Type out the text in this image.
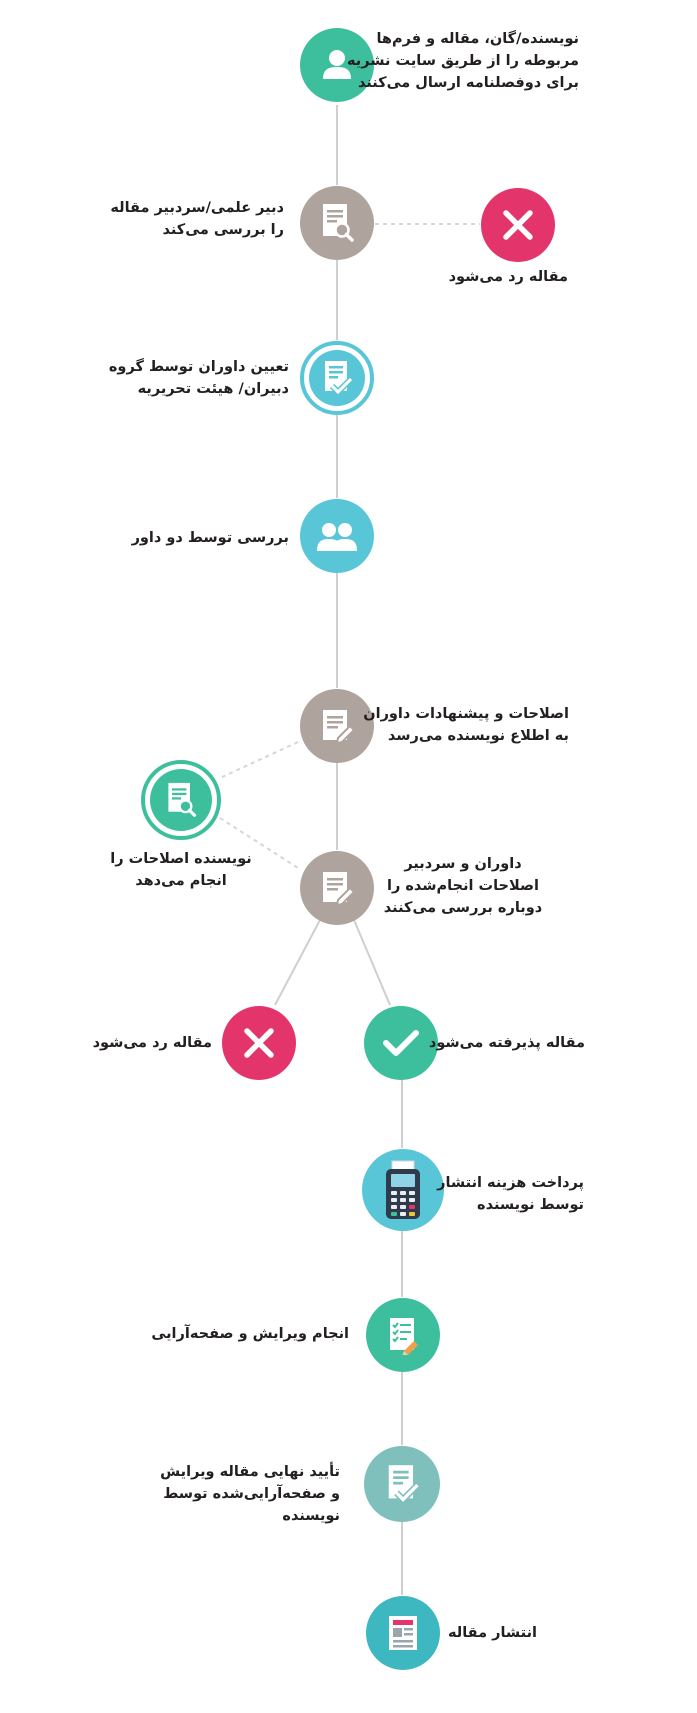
نویسنده/گان، مقاله و فرم‌ها
مربوطه را از طریق سایت نشریه
برای دوفصلنامه ارسال می‌کنند
دبیر علمی/سردبیر مقاله
را بررسی می‌کند
مقاله رد می‌شود
تعیین داوران توسط گروه
دبیران/ هیئت تحریریه
بررسی توسط دو داور
اصلاحات و پیشنهادات داوران
به اطلاع نویسنده می‌رسد
نویسنده اصلاحات را
انجام می‌دهد
داوران و سردبیر
اصلاحات انجام‌شده را
دوباره بررسی می‌کنند
مقاله پذیرفته می‌شود
مقاله رد می‌شود
پرداخت هزینه انتشار
توسط نویسنده
انجام ویرایش و صفحه‌آرایی
تأیید نهایی مقاله ویرایش
و صفحه‌آرایی‌شده توسط
نویسنده
انتشار مقاله
